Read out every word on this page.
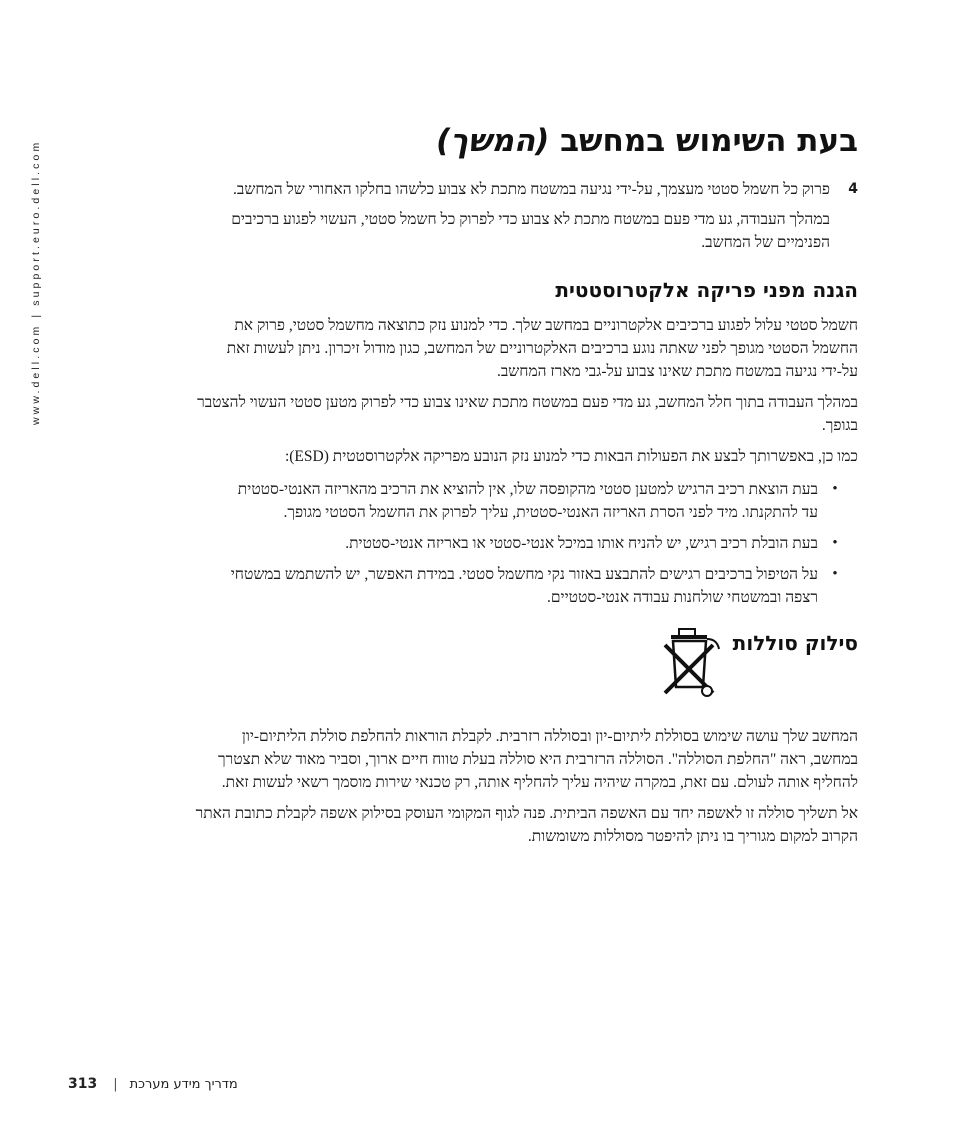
www.dell.com | support.euro.dell.com	בעת השימוש במחשב (המשך)
4

פרוק כל חשמל סטטי מעצמך, על-ידי נגיעה במשטח מתכת לא צבוע כלשהו בחלקו האחורי של המחשב.

במהלך העבודה, גע מדי פעם במשטח מתכת לא צבוע כדי לפרוק כל חשמל סטטי, העשוי לפגוע ברכיבים הפנימיים של המחשב.

הגנה מפני פריקה אלקטרוסטטית

חשמל סטטי עלול לפגוע ברכיבים אלקטרוניים במחשב שלך. כדי למנוע נזק כתוצאה מחשמל סטטי, פרוק את החשמל הסטטי מגופך לפני שאתה נוגע ברכיבים האלקטרוניים של המחשב, כגון מודול זיכרון. ניתן לעשות זאת על-ידי נגיעה במשטח מתכת שאינו צבוע על-גבי מארז המחשב.

במהלך העבודה בתוך חלל המחשב, גע מדי פעם במשטח מתכת שאינו צבוע כדי לפרוק מטען סטטי העשוי להצטבר בגופך.

כמו כן, באפשרותך לבצע את הפעולות הבאות כדי למנוע נזק הנובע מפריקה אלקטרוסטטית (ESD):

•

בעת הוצאת רכיב הרגיש למטען סטטי מהקופסה שלו, אין להוציא את הרכיב מהאריזה האנטי-סטטית עד להתקנתו. מיד לפני הסרת האריזה האנטי-סטטית, עליך לפרוק את החשמל הסטטי מגופך.

•

בעת הובלת רכיב רגיש, יש להניח אותו במיכל אנטי-סטטי או באריזה אנטי-סטטית.

•

על הטיפול ברכיבים רגישים להתבצע באזור נקי מחשמל סטטי. במידת האפשר, יש להשתמש במשטחי רצפה ובמשטחי שולחנות עבודה אנטי-סטטיים.

סילוק סוללות

המחשב שלך עושה שימוש בסוללת ליתיום-יון ובסוללה רזרבית. לקבלת הוראות להחלפת סוללת הליתיום-יון במחשב, ראה "החלפת הסוללה". הסוללה הרזרבית היא סוללה בעלת טווח חיים ארוך, וסביר מאוד שלא תצטרך להחליף אותה לעולם. עם זאת, במקרה שיהיה עליך להחליף אותה, רק טכנאי שירות מוסמך רשאי לעשות זאת.

אל תשליך סוללה זו לאשפה יחד עם האשפה הביתית. פנה לגוף המקומי העוסק בסילוק אשפה לקבלת כתובת האתר הקרוב למקום מגוריך בו ניתן להיפטר מסוללות משומשות.

313 | מדריך מידע מערכת
